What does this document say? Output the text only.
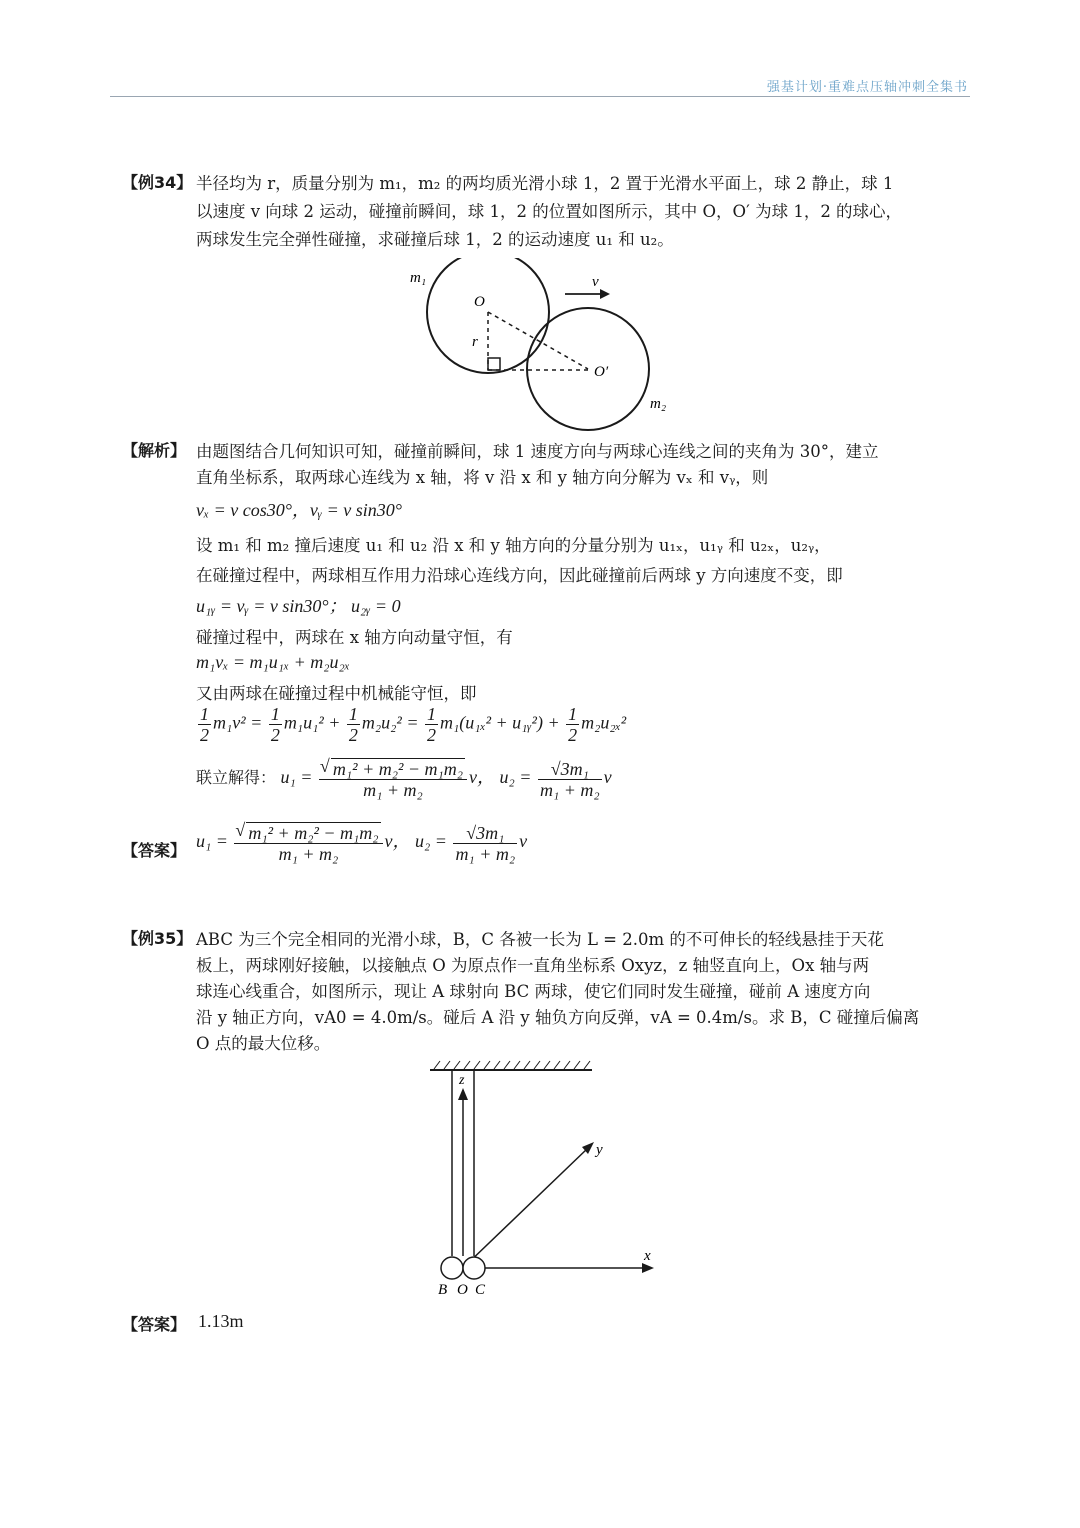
强基计划·重难点压轴冲刺全集书
【例34】 半径均为 r，质量分别为 m₁，m₂ 的两均质光滑小球 1，2 置于光滑水平面上，球 2 静止，球 1
以速度 v 向球 2 运动，碰撞前瞬间，球 1，2 的位置如图所示，其中 O，O′ 为球 1，2 的球心，
两球发生完全弹性碰撞，求碰撞后球 1，2 的运动速度 u₁ 和 u₂。
m₁
O
r
v
O′
m₂
【解析】 由题图结合几何知识可知，碰撞前瞬间，球 1 速度方向与两球心连线之间的夹角为 30°，建立
直角坐标系，取两球心连线为 x 轴，将 v 沿 x 和 y 轴方向分解为 vₓ 和 vᵧ，则
vₓ = v cos30°，vᵧ = v sin30°
设 m₁ 和 m₂ 撞后速度 u₁ 和 u₂ 沿 x 和 y 轴方向的分量分别为 u₁ₓ，u₁ᵧ 和 u₂ₓ，u₂ᵧ，
在碰撞过程中，两球相互作用力沿球心连线方向，因此碰撞前后两球 y 方向速度不变，即
u₁ᵧ = vᵧ = v sin30°； u₂ᵧ = 0
碰撞过程中，两球在 x 轴方向动量守恒，有
m₁vₓ = m₁u₁ₓ + m₂u₂ₓ
又由两球在碰撞过程中机械能守恒，即
$\frac{1}{2} m_1v^2 = \frac{1}{2} m_1u_1^2 + \frac{1}{2} m_2u_2^2 = \frac{1}{2} m_1(u_{1x}^2$ + u₁ᵧ²) + $\frac{1}{2} m_2u_{2x}^2$
联立解得： u₁ = √ $\frac{\text{m₁² + m₂² − m₁m₂}}{\text{m₁ + m₂}}$ v， $u_2 = \frac{\text{√3m₁}}{\text{m₁ + m₂}}$ v
【答案】 u₁ = √ $\frac{\text{m₁² + m₂² − m₁m₂}}{\text{m₁ + m₂}}$ v， $u_2 = \frac{\text{√3m₁}}{\text{m₁ + m₂}}$ v
【例35】 ABC 为三个完全相同的光滑小球，B，C 各被一长为 L = 2.0m 的不可伸长的轻线悬挂于天花
板上，两球刚好接触，以接触点 O 为原点作一直角坐标系 Oxyz，z 轴竖直向上，Ox 轴与两
球连心线重合，如图所示，现让 A 球射向 BC 两球，使它们同时发生碰撞，碰前 A 速度方向
沿 y 轴正方向，vA0 = 4.0m/s。碰后 A 沿 y 轴负方向反弹，vA = 0.4m/s。求 B，C 碰撞后偏离
O 点的最大位移。
z
y
x
B O C
【答案】 1.13m
